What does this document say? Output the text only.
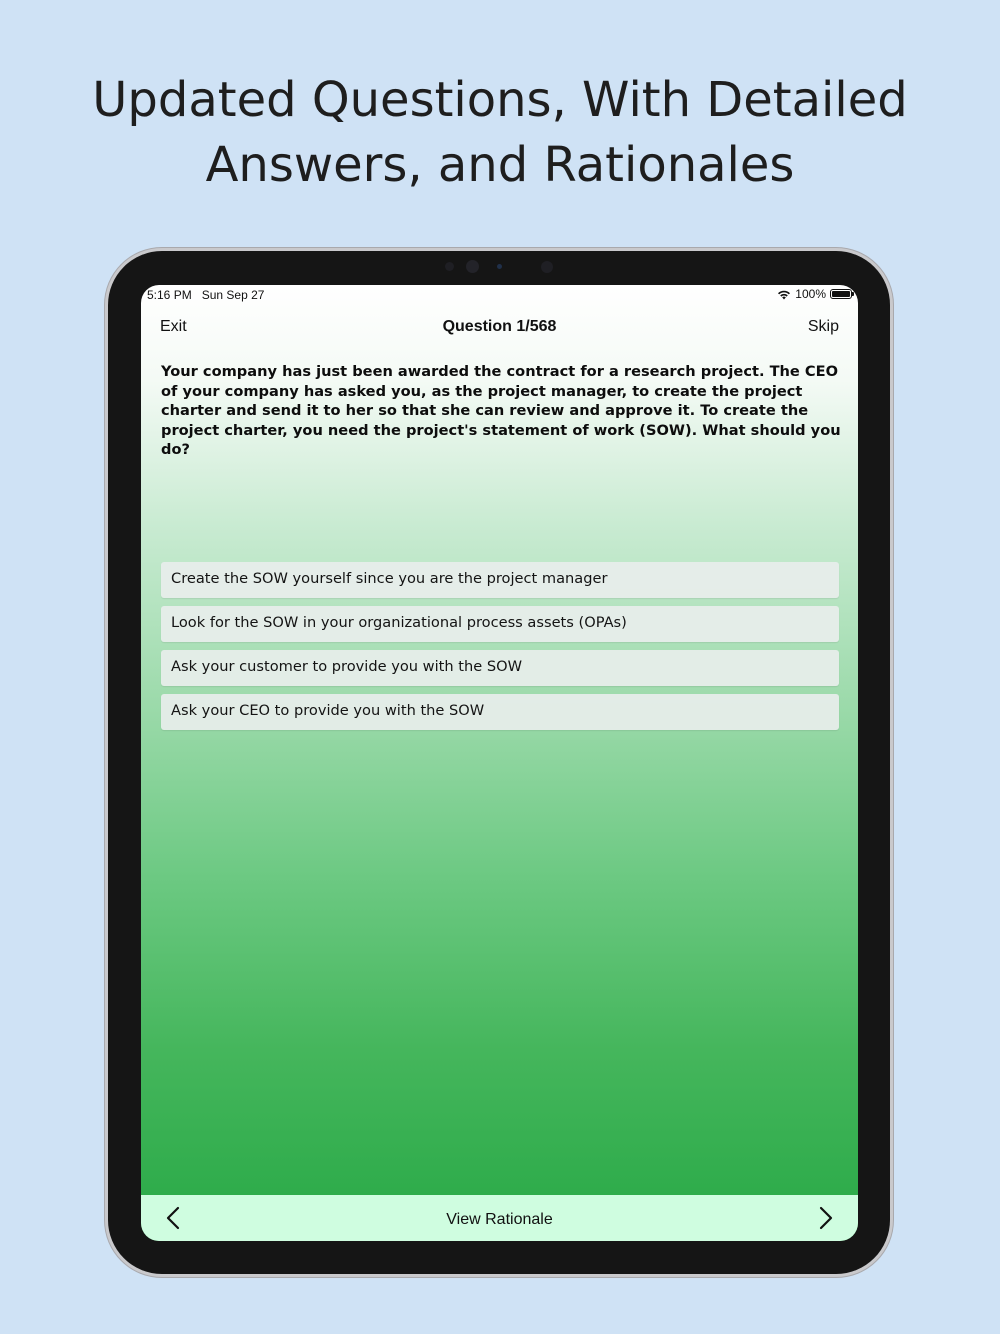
Updated Questions, With Detailed
Answers, and Rationales
5:16 PM Sun Sep 27	100%
Exit	Question 1/568	Skip
Your company has just been awarded the contract for a research project. The CEO of your company has asked you, as the project manager, to create the project charter and send it to her so that she can review and approve it. To create the project charter, you need the project's statement of work (SOW). What should you do?
Create the SOW yourself since you are the project manager
Look for the SOW in your organizational process assets (OPAs)
Ask your customer to provide you with the SOW
Ask your CEO to provide you with the SOW
View Rationale
